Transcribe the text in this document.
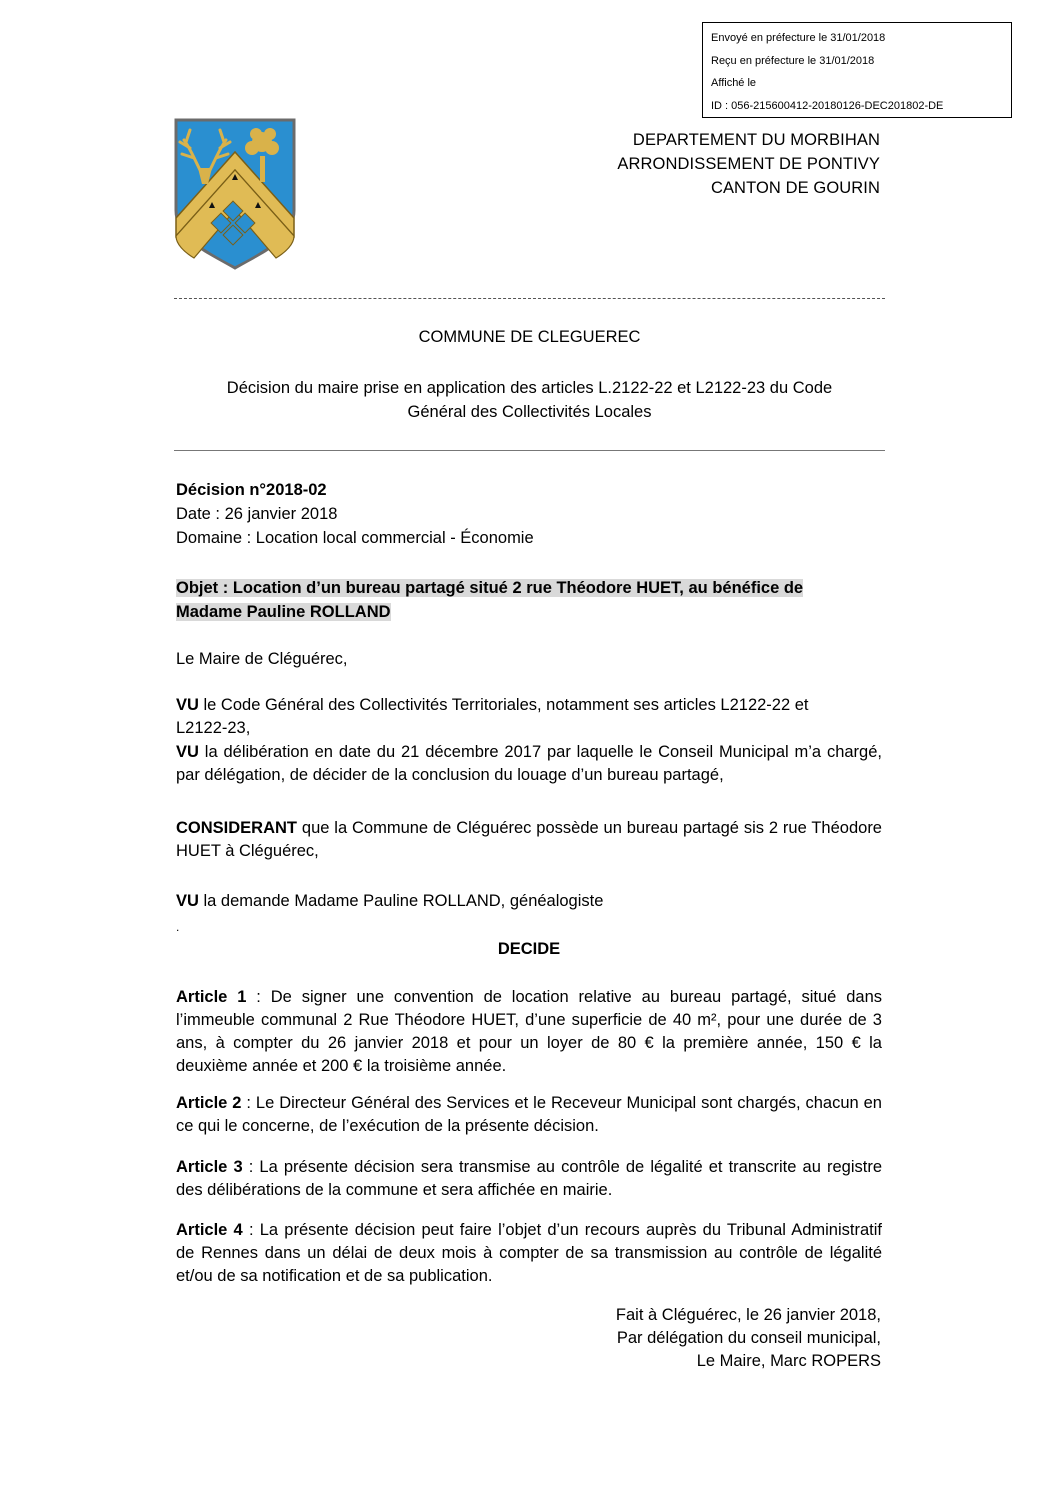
Envoyé en préfecture le 31/01/2018
Reçu en préfecture le 31/01/2018
Affiché le
ID : 056-215600412-20180126-DEC201802-DE
DEPARTEMENT DU MORBIHAN
ARRONDISSEMENT DE PONTIVY
CANTON DE GOURIN
COMMUNE DE CLEGUEREC
Décision du maire prise en application des articles L.2122-22 et L2122-23 du Code
Général des Collectivités Locales
Décision n°2018-02
Date : 26 janvier 2018
Domaine : Location local commercial - Économie
Objet : Location d’un bureau partagé situé 2 rue Théodore HUET, au bénéfice de
Madame Pauline ROLLAND
Le Maire de Cléguérec,
VU le Code Général des Collectivités Territoriales, notamment ses articles L2122-22 et L2122-23,
VU la délibération en date du 21 décembre 2017 par laquelle le Conseil Municipal m’a chargé, par délégation, de décider de la conclusion du louage d’un bureau partagé,
CONSIDERANT que la Commune de Cléguérec possède un bureau partagé sis 2 rue Théodore HUET à Cléguérec,
VU la demande Madame Pauline ROLLAND, généalogiste
.
DECIDE
Article 1 : De signer une convention de location relative au bureau partagé, situé dans l’immeuble communal 2 Rue Théodore HUET, d’une superficie de 40 m², pour une durée de 3 ans, à compter du 26 janvier 2018 et pour un loyer de 80 € la première année, 150 € la deuxième année et 200 € la troisième année.
Article 2 : Le Directeur Général des Services et le Receveur Municipal sont chargés, chacun en ce qui le concerne, de l’exécution de la présente décision.
Article 3 : La présente décision sera transmise au contrôle de légalité et transcrite au registre des délibérations de la commune et sera affichée en mairie.
Article 4 : La présente décision peut faire l’objet d’un recours auprès du Tribunal Administratif de Rennes dans un délai de deux mois à compter de sa transmission au contrôle de légalité et/ou de sa notification et de sa publication.
Fait à Cléguérec, le 26 janvier 2018,
Par délégation du conseil municipal,
Le Maire, Marc ROPERS
